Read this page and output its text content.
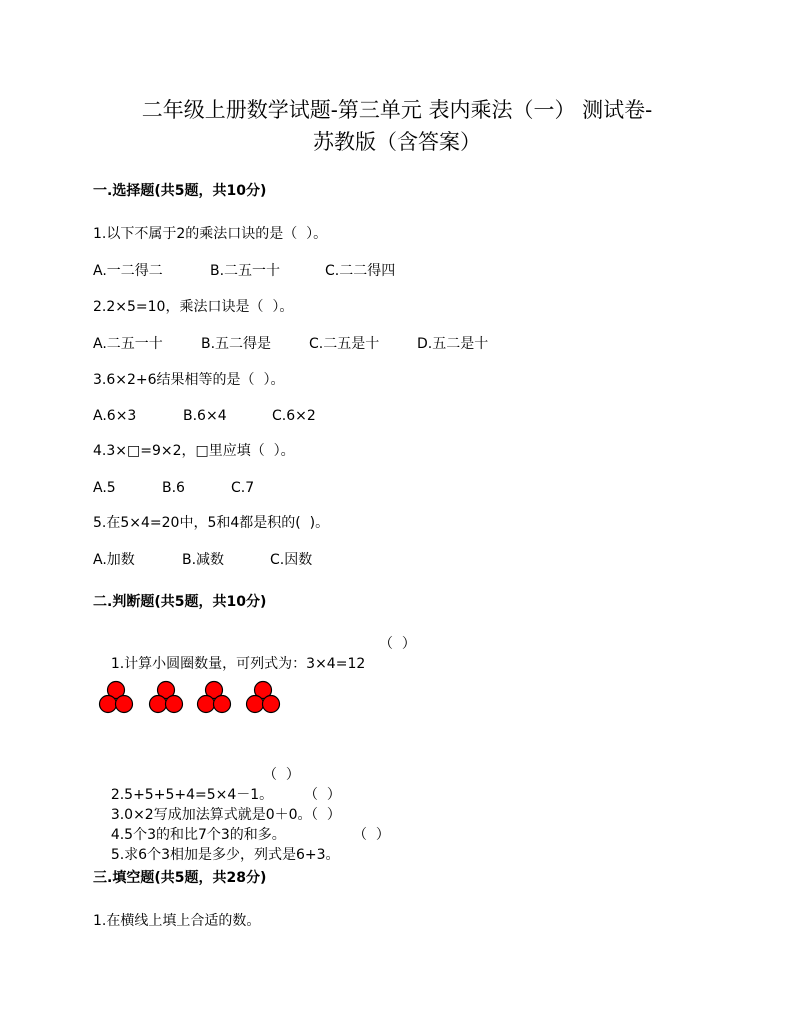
二年级上册数学试题-第三单元 表内乘法（一） 测试卷-
苏教版（含答案）
一.选择题(共5题，共10分)
1.以下不属于2的乘法口诀的是（  ）。

A.一二得二

	B.二五一十

	C.二二得四

2.2×5=10，乘法口诀是（  ）。

A.二五一十

	B.五二得是

	C.二五是十

	D.五二是十

3.6×2+6结果相等的是（  ）。

A.6×3

	B.6×4

	C.6×2

4.3×□=9×2，□里应填（  ）。

A.5

	B.6

	C.7

5.在5×4=20中，5和4都是积的(  )。

A.加数

	B.减数

	C.因数

二.判断题(共5题，共10分)

1.计算小圆圈数量，可列式为：3×4=12

（  ）

2.5+5+5+4=5×4－1。

（  ）

3.0×2写成加法算式就是0＋0。

（  ）

4.5个3的和比7个3的和多。

（  ）

5.求6个3相加是多少，列式是6+3。

（  ）

三.填空题(共5题，共28分)
1.在横线上填上合适的数。
